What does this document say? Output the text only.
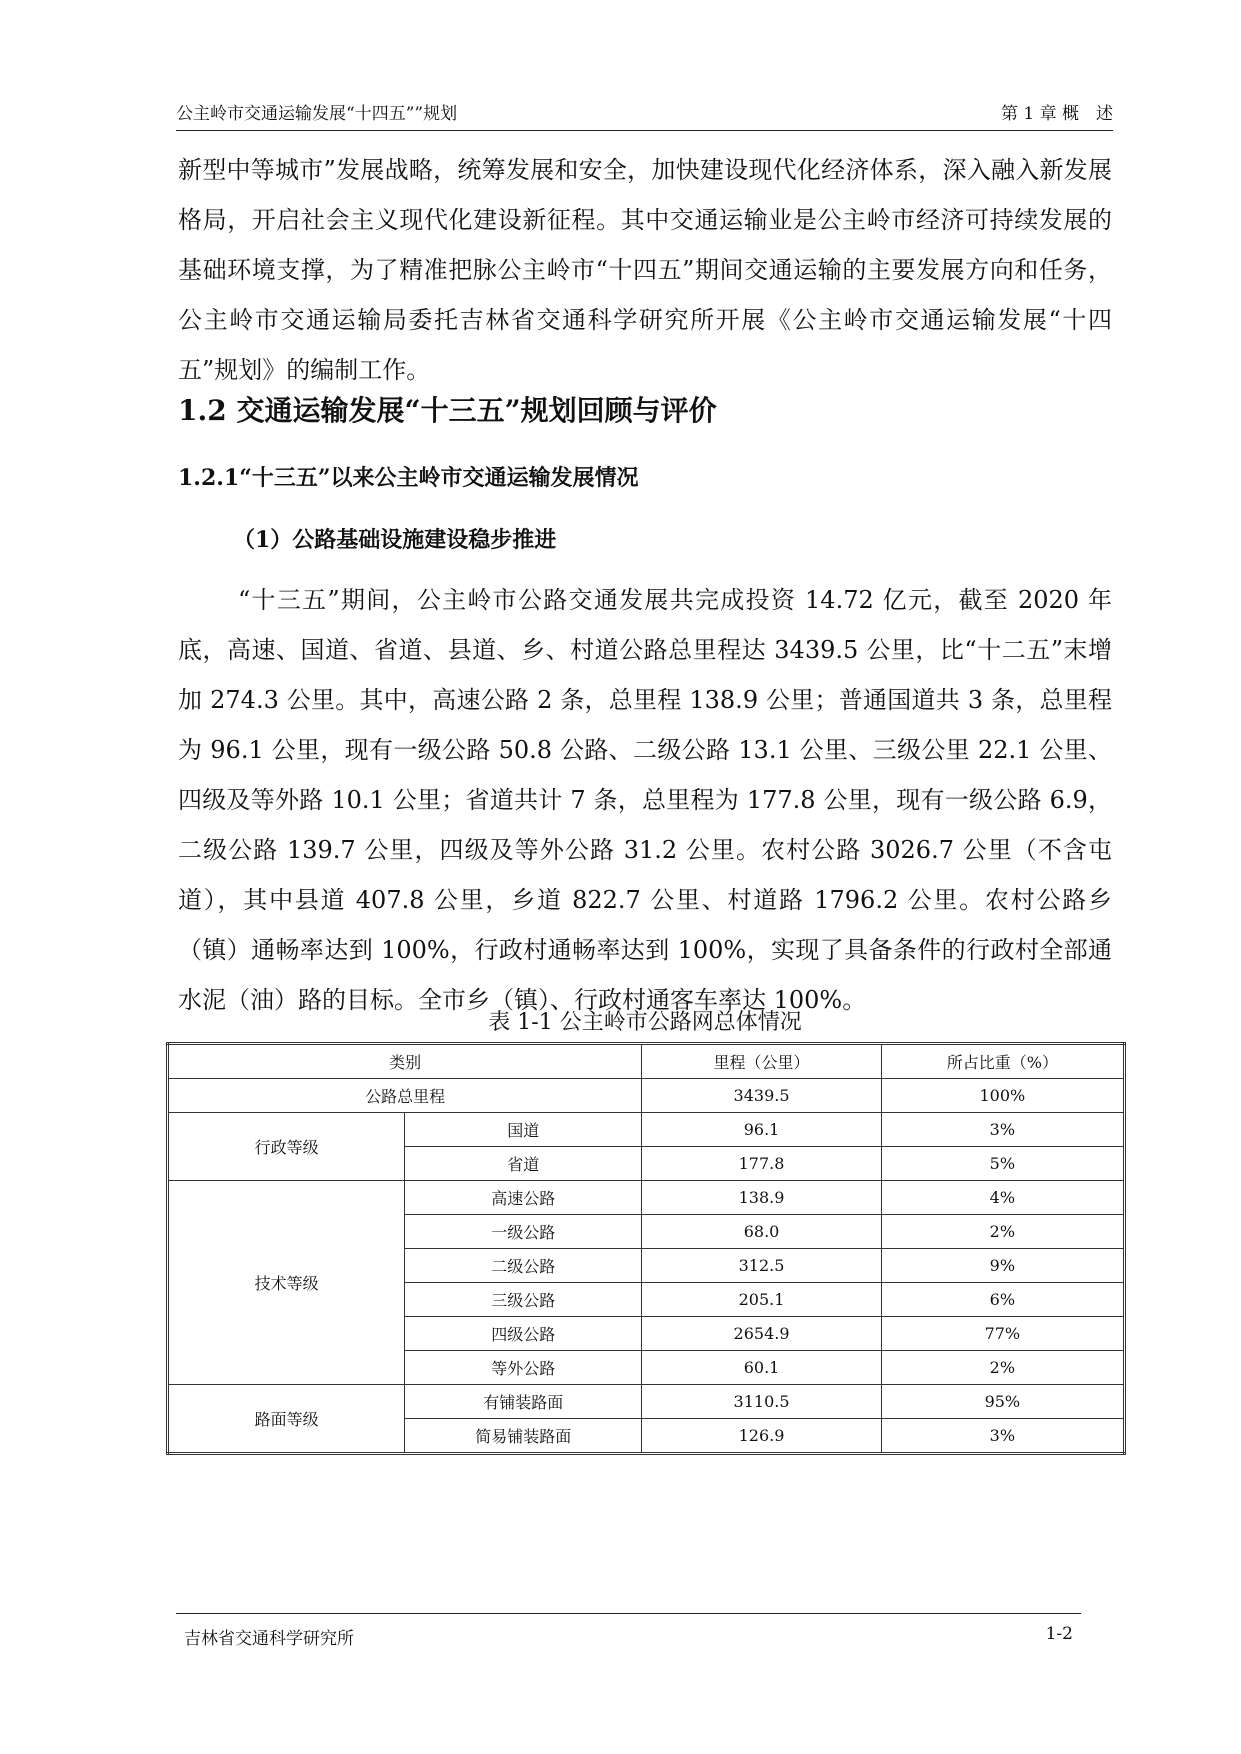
公主岭市交通运输发展“十四五””规划	第 1 章 概　述

新型中等城市”发展战略，统筹发展和安全，加快建设现代化经济体系，深入融入新发展格局，开启社会主义现代化建设新征程。其中交通运输业是公主岭市经济可持续发展的基础环境支撑，为了精准把脉公主岭市“十四五”期间交通运输的主要发展方向和任务，公主岭市交通运输局委托吉林省交通科学研究所开展《公主岭市交通运输发展“十四五”规划》的编制工作。

1.2 交通运输发展“十三五”规划回顾与评价
1.2.1“十三五”以来公主岭市交通运输发展情况
（1）公路基础设施建设稳步推进

“十三五”期间，公主岭市公路交通发展共完成投资 14.72 亿元，截至 2020 年底，高速、国道、省道、县道、乡、村道公路总里程达 3439.5 公里，比“十二五”末增加 274.3 公里。其中，高速公路 2 条，总里程 138.9 公里；普通国道共 3 条，总里程为 96.1 公里，现有一级公路 50.8 公路、二级公路 13.1 公里、三级公里 22.1 公里、四级及等外路 10.1 公里；省道共计 7 条，总里程为 177.8 公里，现有一级公路 6.9，二级公路 139.7 公里，四级及等外公路 31.2 公里。农村公路 3026.7 公里（不含屯道），其中县道 407.8 公里，乡道 822.7 公里、村道路 1796.2 公里。农村公路乡（镇）通畅率达到 100%，行政村通畅率达到 100%，实现了具备条件的行政村全部通水泥（油）路的目标。全市乡（镇）、行政村通客车率达 100%。

表 1-1 公主岭市公路网总体情况
类别		里程（公里）	所占比重（%）
公路总里程		3439.5	100%
行政等级	国道	96.1	3%
	省道	177.8	5%
技术等级	高速公路	138.9	4%
	一级公路	68.0	2%
	二级公路	312.5	9%
	三级公路	205.1	6%
	四级公路	2654.9	77%
	等外公路	60.1	2%
路面等级	有铺装路面	3110.5	95%
	简易铺装路面	126.9	3%
吉林省交通科学研究所	1-2
